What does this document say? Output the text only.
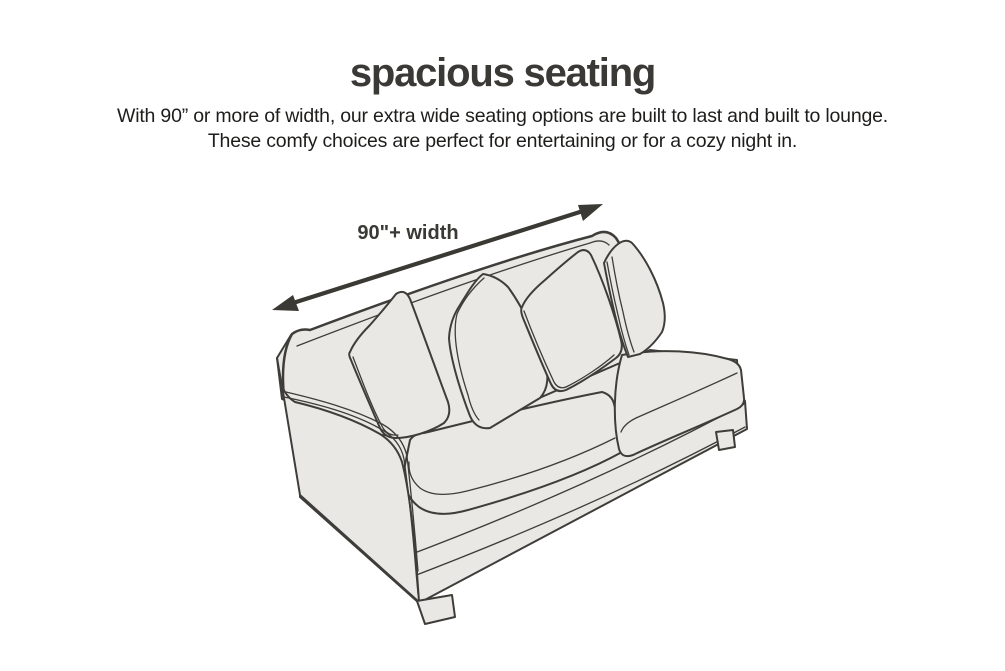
spacious seating
With 90” or more of width, our extra wide seating options are built to last and built to lounge.
These comfy choices are perfect for entertaining or for a cozy night in.
90"+ width
